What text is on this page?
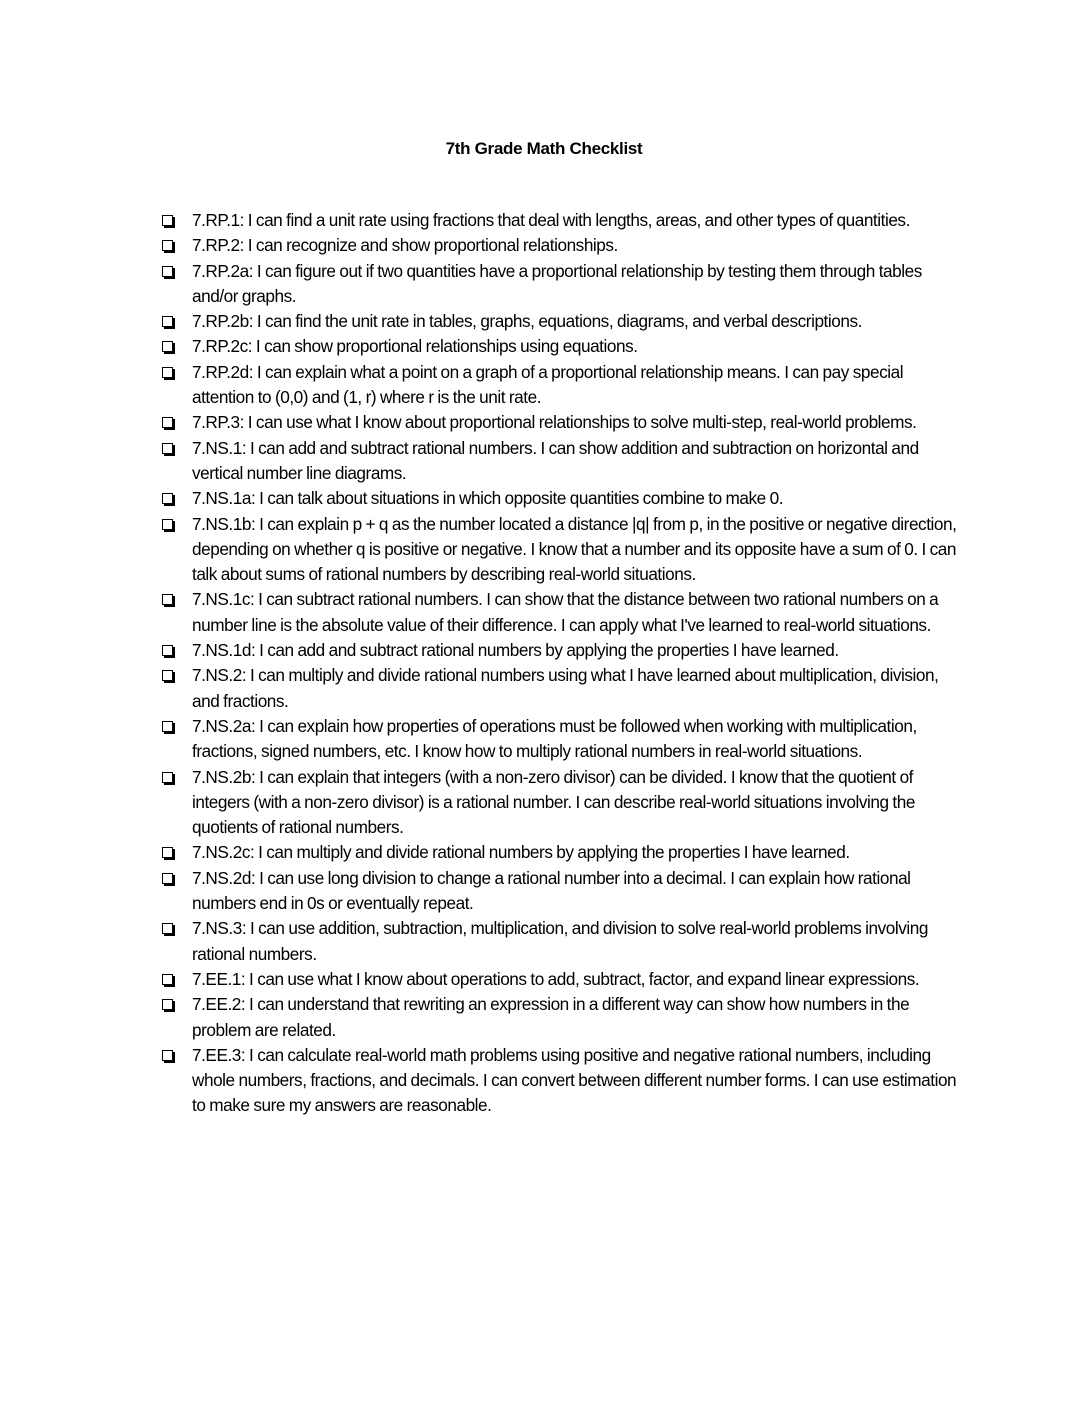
7th Grade Math Checklist
7.RP.1: I can find a unit rate using fractions that deal with lengths, areas, and other types of quantities.
7.RP.2: I can recognize and show proportional relationships.
7.RP.2a: I can figure out if two quantities have a proportional relationship by testing them through tables and/or graphs.
7.RP.2b: I can find the unit rate in tables, graphs, equations, diagrams, and verbal descriptions.
7.RP.2c: I can show proportional relationships using equations.
7.RP.2d: I can explain what a point on a graph of a proportional relationship means. I can pay special attention to (0,0) and (1, r) where r is the unit rate.
7.RP.3: I can use what I know about proportional relationships to solve multi-step, real-world problems.
7.NS.1: I can add and subtract rational numbers. I can show addition and subtraction on horizontal and vertical number line diagrams.
7.NS.1a: I can talk about situations in which opposite quantities combine to make 0.
7.NS.1b: I can explain p + q as the number located a distance |q| from p, in the positive or negative direction, depending on whether q is positive or negative. I know that a number and its opposite have a sum of 0. I can talk about sums of rational numbers by describing real-world situations.
7.NS.1c: I can subtract rational numbers. I can show that the distance between two rational numbers on a number line is the absolute value of their difference. I can apply what I've learned to real-world situations.
7.NS.1d: I can add and subtract rational numbers by applying the properties I have learned.
7.NS.2: I can multiply and divide rational numbers using what I have learned about multiplication, division, and fractions.
7.NS.2a: I can explain how properties of operations must be followed when working with multiplication, fractions, signed numbers, etc. I know how to multiply rational numbers in real-world situations.
7.NS.2b: I can explain that integers (with a non-zero divisor) can be divided. I know that the quotient of integers (with a non-zero divisor) is a rational number. I can describe real-world situations involving the quotients of rational numbers.
7.NS.2c: I can multiply and divide rational numbers by applying the properties I have learned.
7.NS.2d: I can use long division to change a rational number into a decimal. I can explain how rational numbers end in 0s or eventually repeat.
7.NS.3: I can use addition, subtraction, multiplication, and division to solve real-world problems involving rational numbers.
7.EE.1: I can use what I know about operations to add, subtract, factor, and expand linear expressions.
7.EE.2: I can understand that rewriting an expression in a different way can show how numbers in the problem are related.
7.EE.3: I can calculate real-world math problems using positive and negative rational numbers, including whole numbers, fractions, and decimals. I can convert between different number forms. I can use estimation to make sure my answers are reasonable.
